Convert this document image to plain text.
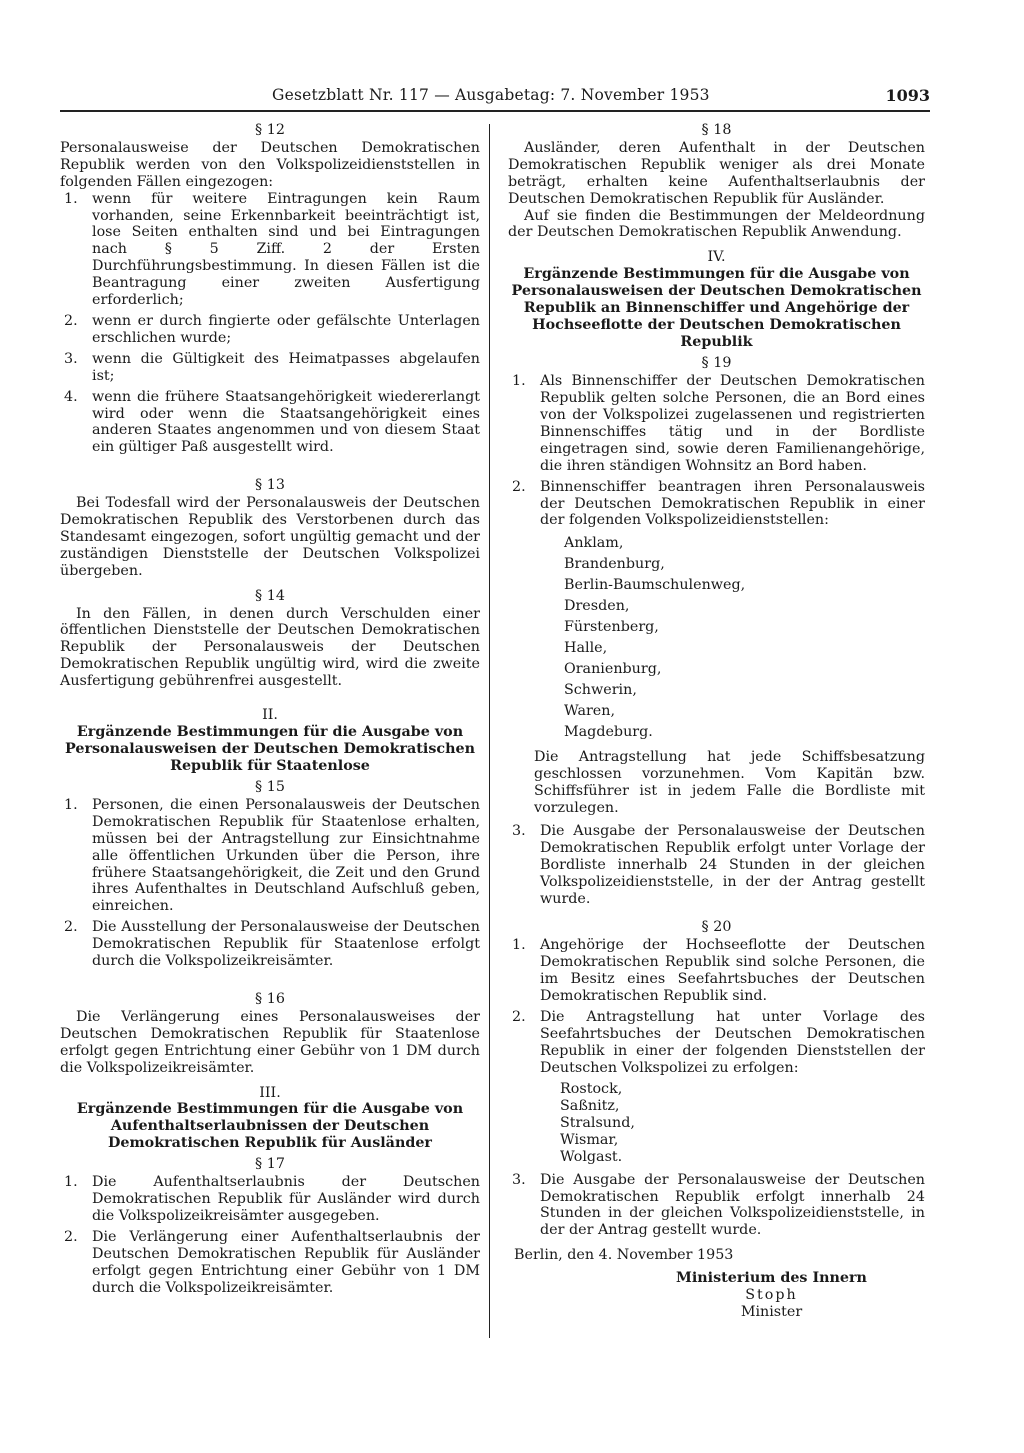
Gesetzblatt Nr. 117 — Ausgabetag: 7. November 1953	1093
§ 12

Personalausweise der Deutschen Demokratischen Republik werden von den Volkspolizeidienststellen in folgenden Fällen eingezogen:

1. wenn für weitere Eintragungen kein Raum vorhanden, seine Erkennbarkeit beeinträchtigt ist, lose Seiten enthalten sind und bei Eintragungen nach § 5 Ziff. 2 der Ersten Durchführungsbestimmung. In diesen Fällen ist die Beantragung einer zweiten Ausfertigung erforderlich;
2. wenn er durch fingierte oder gefälschte Unterlagen erschlichen wurde;
3. wenn die Gültigkeit des Heimatpasses abgelaufen ist;
4. wenn die frühere Staatsangehörigkeit wiedererlangt wird oder wenn die Staatsangehörigkeit eines anderen Staates angenommen und von diesem Staat ein gültiger Paß ausgestellt wird.
§ 13

Bei Todesfall wird der Personalausweis der Deutschen Demokratischen Republik des Verstorbenen durch das Standesamt eingezogen, sofort ungültig gemacht und der zuständigen Dienststelle der Deutschen Volkspolizei übergeben.

§ 14

In den Fällen, in denen durch Verschulden einer öffentlichen Dienststelle der Deutschen Demokratischen Republik der Personalausweis der Deutschen Demokratischen Republik ungültig wird, wird die zweite Ausfertigung gebührenfrei ausgestellt.

II.

Ergänzende Bestimmungen für die Ausgabe von Personalausweisen der Deutschen Demokratischen Republik für Staatenlose

§ 15
1. Personen, die einen Personalausweis der Deutschen Demokratischen Republik für Staatenlose erhalten, müssen bei der Antragstellung zur Einsichtnahme alle öffentlichen Urkunden über die Person, ihre frühere Staatsangehörigkeit, die Zeit und den Grund ihres Aufenthaltes in Deutschland Aufschluß geben, einreichen.
2. Die Ausstellung der Personalausweise der Deutschen Demokratischen Republik für Staatenlose erfolgt durch die Volkspolizeikreisämter.
§ 16

Die Verlängerung eines Personalausweises der Deutschen Demokratischen Republik für Staatenlose erfolgt gegen Entrichtung einer Gebühr von 1 DM durch die Volkspolizeikreisämter.

III.

Ergänzende Bestimmungen für die Ausgabe von Aufenthaltserlaubnissen der Deutschen Demokratischen Republik für Ausländer

§ 17
1. Die Aufenthaltserlaubnis der Deutschen Demokratischen Republik für Ausländer wird durch die Volkspolizeikreisämter ausgegeben.
2. Die Verlängerung einer Aufenthaltserlaubnis der Deutschen Demokratischen Republik für Ausländer erfolgt gegen Entrichtung einer Gebühr von 1 DM durch die Volkspolizeikreisämter.
§ 18

Ausländer, deren Aufenthalt in der Deutschen Demokratischen Republik weniger als drei Monate beträgt, erhalten keine Aufenthaltserlaubnis der Deutschen Demokratischen Republik für Ausländer.

Auf sie finden die Bestimmungen der Meldeordnung der Deutschen Demokratischen Republik Anwendung.

IV.

Ergänzende Bestimmungen für die Ausgabe von Personalausweisen der Deutschen Demokratischen Republik an Binnenschiffer und Angehörige der Hochseeflotte der Deutschen Demokratischen Republik

§ 19
1. Als Binnenschiffer der Deutschen Demokratischen Republik gelten solche Personen, die an Bord eines von der Volkspolizei zugelassenen und registrierten Binnenschiffes tätig und in der Bordliste eingetragen sind, sowie deren Familienangehörige, die ihren ständigen Wohnsitz an Bord haben.
2. Binnenschiffer beantragen ihren Personalausweis der Deutschen Demokratischen Republik in einer der folgenden Volkspolizeidienststellen:
Anklam,
Brandenburg,
Berlin-Baumschulenweg,
Dresden,
Fürstenberg,
Halle,
Oranienburg,
Schwerin,
Waren,
Magdeburg.

Die Antragstellung hat jede Schiffsbesatzung geschlossen vorzunehmen. Vom Kapitän bzw. Schiffsführer ist in jedem Falle die Bordliste mit vorzulegen.

3. Die Ausgabe der Personalausweise der Deutschen Demokratischen Republik erfolgt unter Vorlage der Bordliste innerhalb 24 Stunden in der gleichen Volkspolizeidienststelle, in der der Antrag gestellt wurde.
§ 20
1. Angehörige der Hochseeflotte der Deutschen Demokratischen Republik sind solche Personen, die im Besitz eines Seefahrtsbuches der Deutschen Demokratischen Republik sind.
2. Die Antragstellung hat unter Vorlage des Seefahrtsbuches der Deutschen Demokratischen Republik in einer der folgenden Dienststellen der Deutschen Volkspolizei zu erfolgen:
Rostock,
Saßnitz,
Stralsund,
Wismar,
Wolgast.
3. Die Ausgabe der Personalausweise der Deutschen Demokratischen Republik erfolgt innerhalb 24 Stunden in der gleichen Volkspolizeidienststelle, in der der Antrag gestellt wurde.

Berlin, den 4. November 1953

Ministerium des Innern
Stoph
Minister
